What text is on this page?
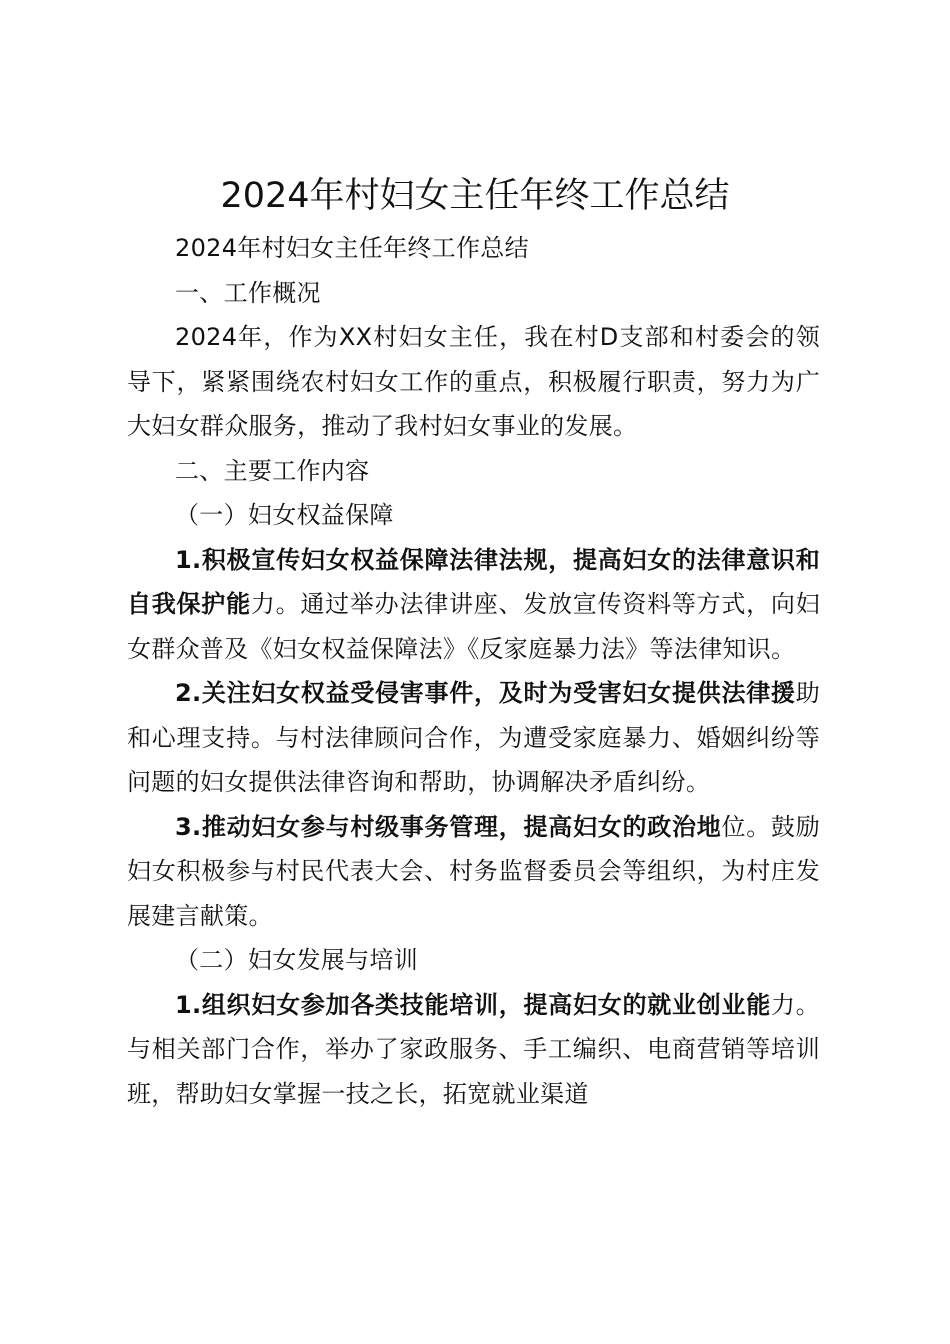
2024年村妇女主任年终工作总结

2024年村妇女主任年终工作总结

一、工作概况

2024年，作为XX村妇女主任，我在村D支部和村委会的领导下，紧紧围绕农村妇女工作的重点，积极履行职责，努力为广大妇女群众服务，推动了我村妇女事业的发展。

二、主要工作内容

（一）妇女权益保障

1.积极宣传妇女权益保障法律法规，提高妇女的法律意识和自我保护能力。通过举办法律讲座、发放宣传资料等方式，向妇女群众普及《妇女权益保障法》《反家庭暴力法》等法律知识。

2.关注妇女权益受侵害事件，及时为受害妇女提供法律援助和心理支持。与村法律顾问合作，为遭受家庭暴力、婚姻纠纷等问题的妇女提供法律咨询和帮助，协调解决矛盾纠纷。

3.推动妇女参与村级事务管理，提高妇女的政治地位。鼓励妇女积极参与村民代表大会、村务监督委员会等组织，为村庄发展建言献策。

（二）妇女发展与培训

1.组织妇女参加各类技能培训，提高妇女的就业创业能力。与相关部门合作，举办了家政服务、手工编织、电商营销等培训班，帮助妇女掌握一技之长，拓宽就业渠道
